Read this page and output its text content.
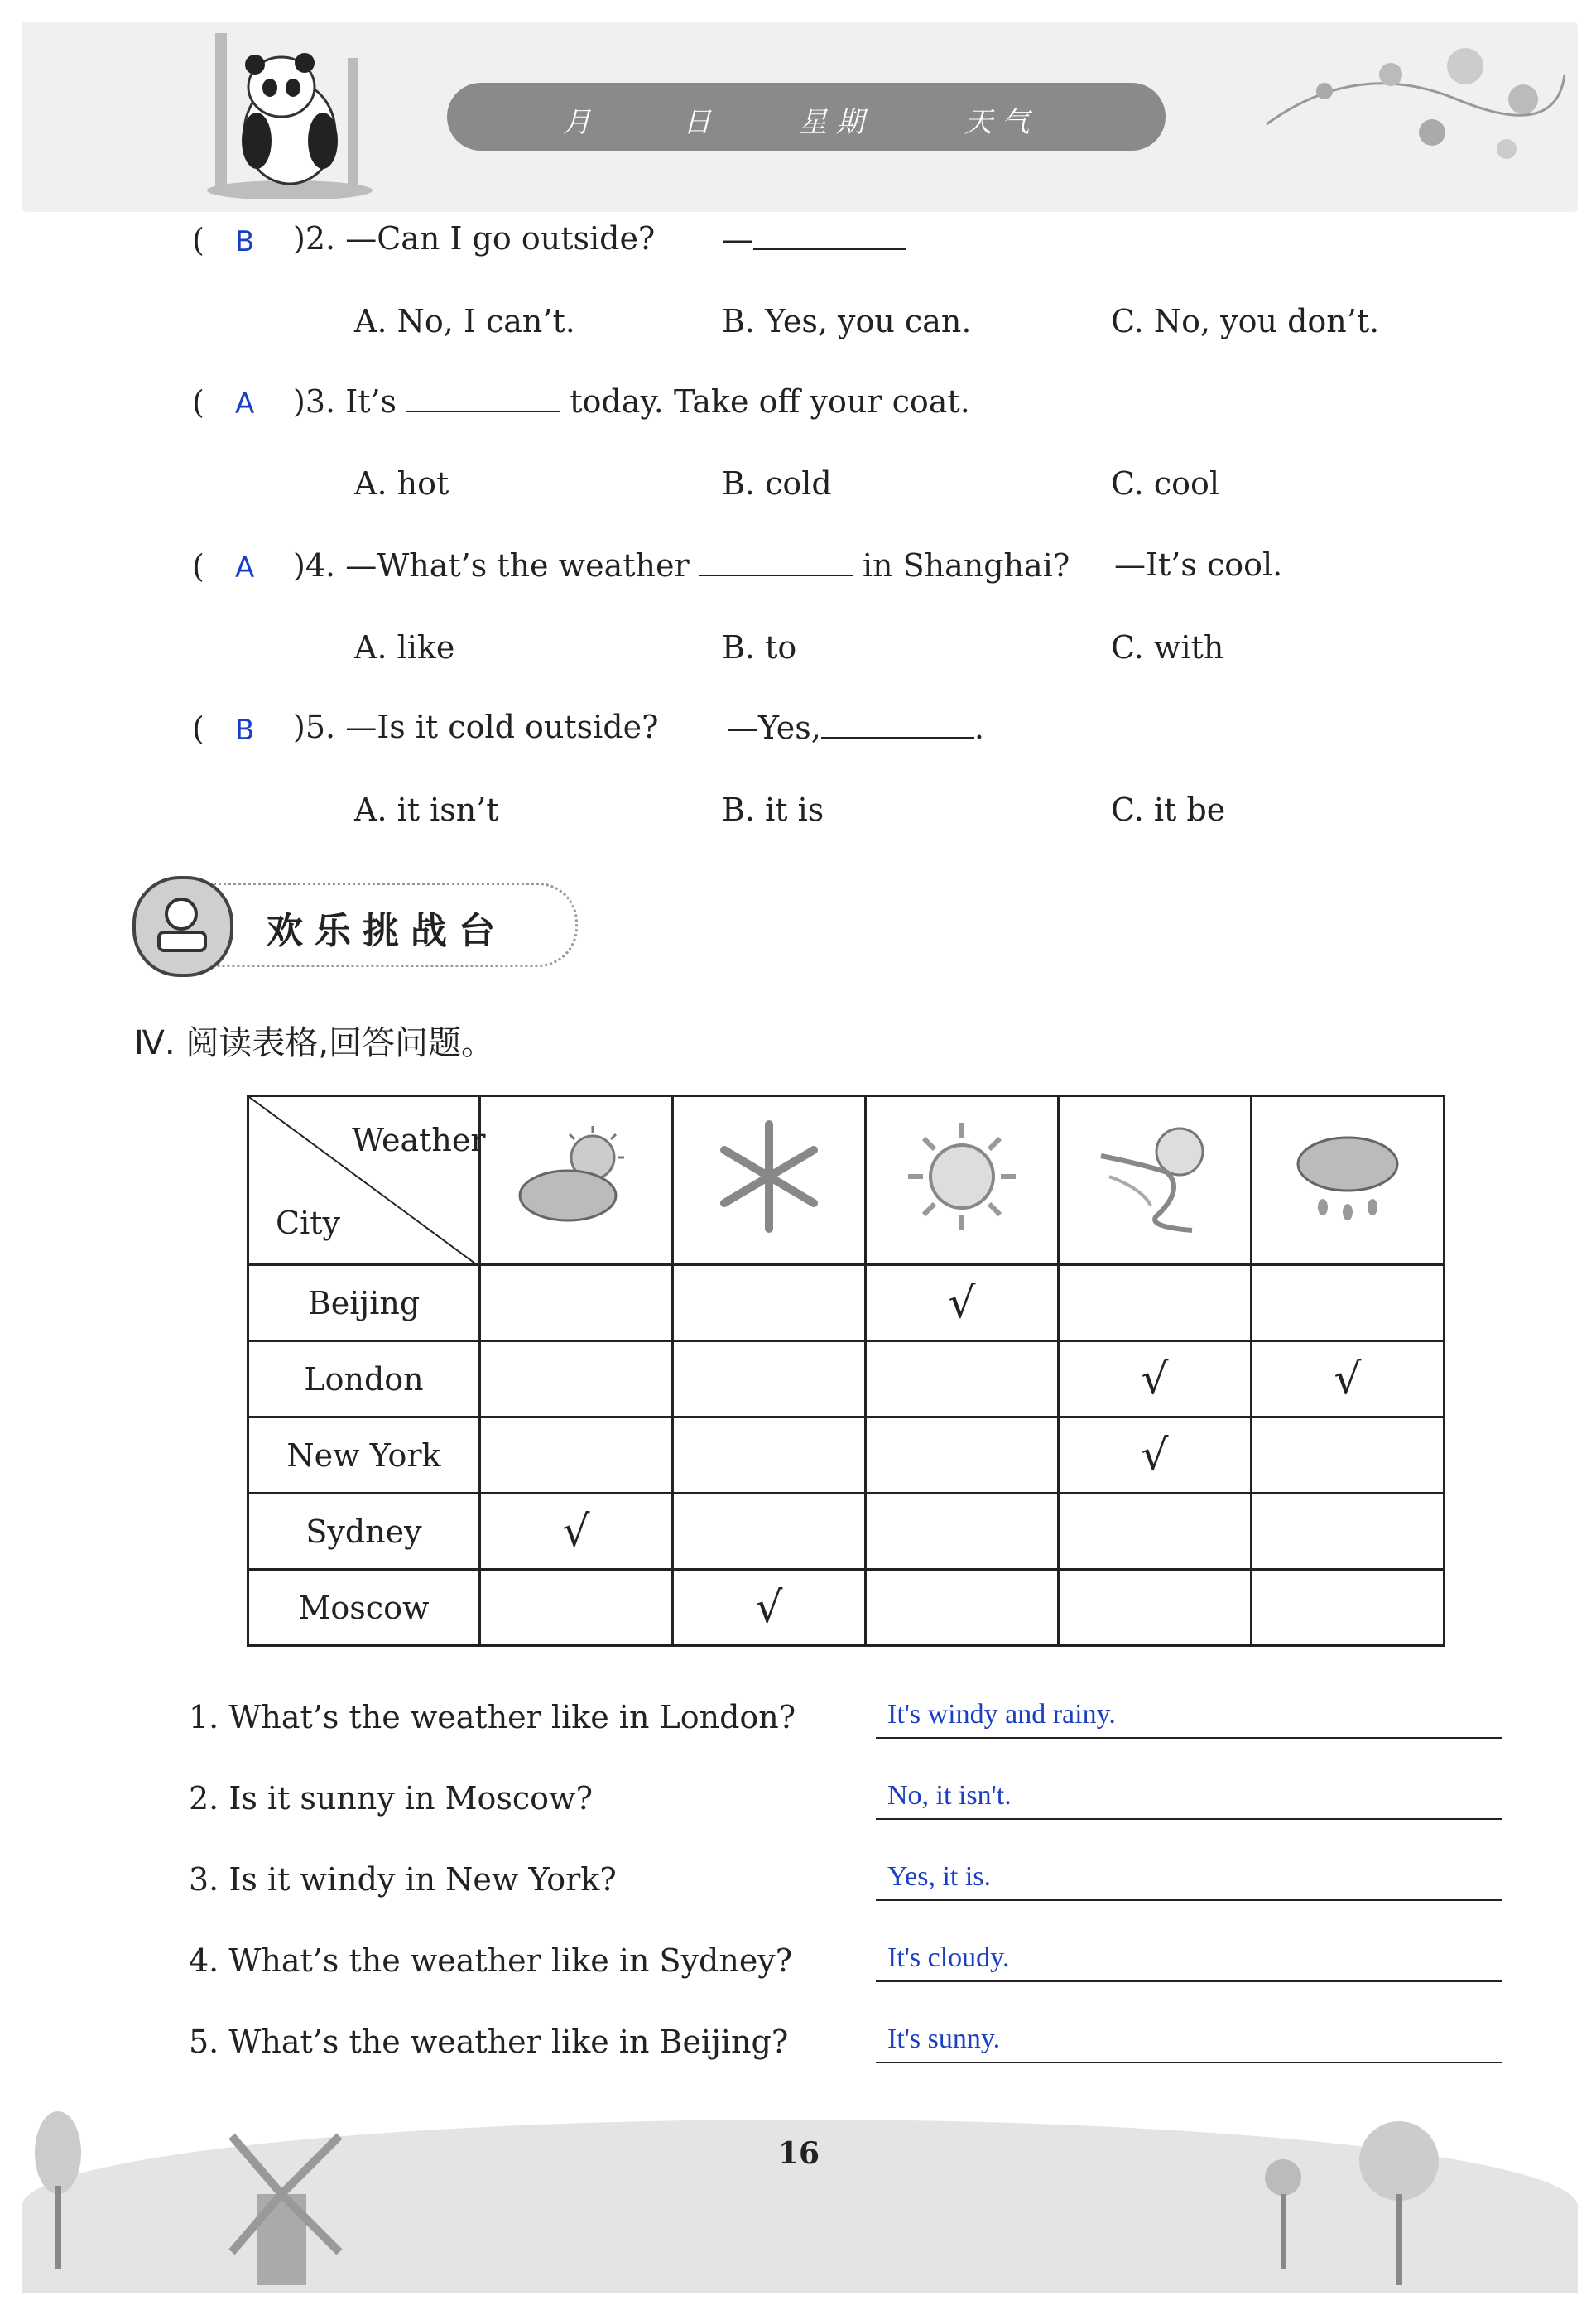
月	日	星 期	天 气
( B )2. —Can I go outside? —
A. No, I can’t.	B. Yes, you can.	C. No, you don’t.
( A )3. It’s	today. Take off your coat.
A. hot	B. cold	C. cool
( A )4. —What’s the weather	in Shanghai? —It’s cool.
A. like	B. to	C. with
( B )5. —Is it cold outside? —Yes,	.
A. it isn’t	B. it is	C. it be
欢乐挑战台
Ⅳ. 阅读表格,回答问题。
Weather
City

Beijing			√		
London				√	√
New York				√	
Sydney	√				
Moscow		√			
1. What’s the weather like in London?	It's windy and rainy.
2. Is it sunny in Moscow?	No, it isn't.
3. Is it windy in New York?	Yes, it is.
4. What’s the weather like in Sydney?	It's cloudy.
5. What’s the weather like in Beijing?	It's sunny.
16
